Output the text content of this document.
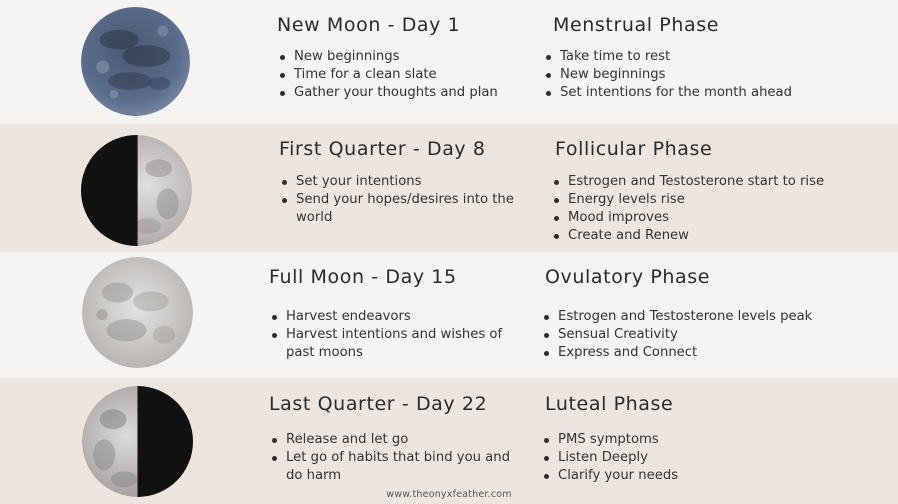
New Moon - Day 1
New beginnings
Time for a clean slate
Gather your thoughts and plan
Menstrual Phase
Take time to rest
New beginnings
Set intentions for the month ahead
First Quarter - Day 8
Set your intentions
Send your hopes/desires into the world
Follicular Phase
Estrogen and Testosterone start to rise
Energy levels rise
Mood improves
Create and Renew
Full Moon - Day 15
Harvest endeavors
Harvest intentions and wishes of past moons
Ovulatory Phase
Estrogen and Testosterone levels peak
Sensual Creativity
Express and Connect
Last Quarter - Day 22
Release and let go
Let go of habits that bind you and do harm
Luteal Phase
PMS symptoms
Listen Deeply
Clarify your needs
www.theonyxfeather.com
